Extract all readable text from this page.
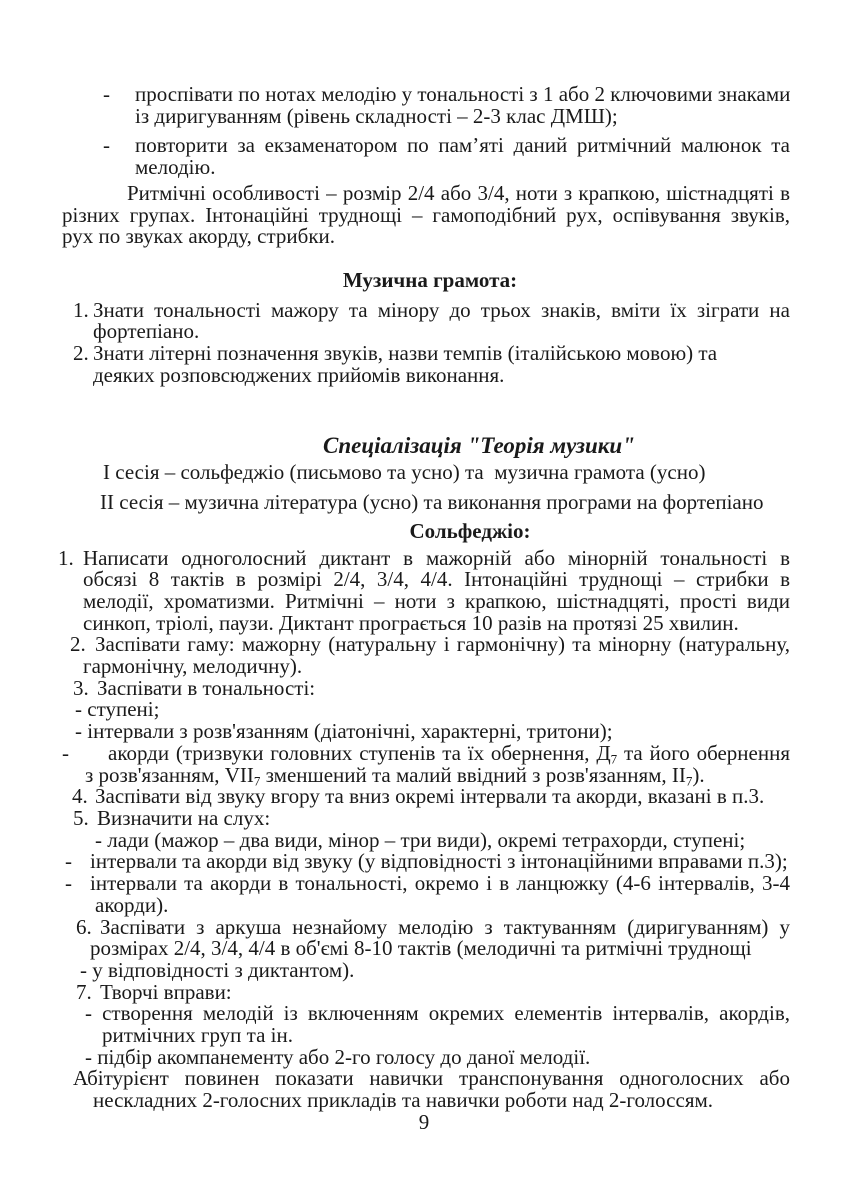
- проспівати по нотах мелодію у тональності з 1 або 2 ключовими знаками
із диригуванням (рівень складності – 2-3 клас ДМШ);
- повторити за екзаменатором по пам’яті даний ритмічний малюнок та
мелодію.
Ритмічні особливості – розмір 2/4 або 3/4, ноти з крапкою, шістнадцяті в
різних групах. Інтонаційні труднощі – гамоподібний рух, оспівування звуків,
рух по звуках акорду, стрибки.
Музична грамота:
1. Знати тональності мажору та мінору до трьох знаків, вміти їх зіграти на
фортепіано.
2. Знати літерні позначення звуків, назви темпів (італійською мовою) та
деяких розповсюджених прийомів виконання.
Спеціалізація "Теорія музики"
І сесія – сольфеджіо (письмово та усно) та  музична грамота (усно)
ІІ сесія – музична література (усно) та виконання програми на фортепіано
Сольфеджіо:
1. Написати одноголосний диктант в мажорній або мінорній тональності в
обсязі 8 тактів в розмірі 2/4, 3/4, 4/4. Інтонаційні труднощі – стрибки в
мелодії, хроматизми. Ритмічні – ноти з крапкою, шістнадцяті, прості види
синкоп, тріолі, паузи. Диктант програється 10 разів на протязі 25 хвилин.
2. Заспівати гаму: мажорну (натуральну і гармонічну) та мінорну (натуральну,
гармонічну, мелодичну).
3. Заспівати в тональності:
- ступені;
- інтервали з розв'язанням (діатонічні, характерні, тритони);
- акорди (тризвуки головних ступенів та їх обернення, $Д_7$ та його обернення
з розв'язанням, $VII_7$ зменшений та малий ввідний з розв'язанням, $II_7$).
4. Заспівати від звуку вгору та вниз окремі інтервали та акорди, вказані в п.3.
5. Визначити на слух:
- лади (мажор – два види, мінор – три види), окремі тетрахорди, ступені;
- інтервали та акорди від звуку (у відповідності з інтонаційними вправами п.3);
- інтервали та акорди в тональності, окремо і в ланцюжку (4-6 інтервалів, 3-4
акорди).
6. Заспівати з аркуша незнайому мелодію з тактуванням (диригуванням) у
розмірах 2/4, 3/4, 4/4 в об'ємі 8-10 тактів (мелодичні та ритмічні труднощі
- у відповідності з диктантом).
7. Творчі вправи:
- створення мелодій із включенням окремих елементів інтервалів, акордів,
ритмічних груп та ін.
- підбір акомпанементу або 2-го голосу до даної мелодії.
Абітурієнт повинен показати навички транспонування одноголосних або
нескладних 2-голосних прикладів та навички роботи над 2-голоссям.
9
